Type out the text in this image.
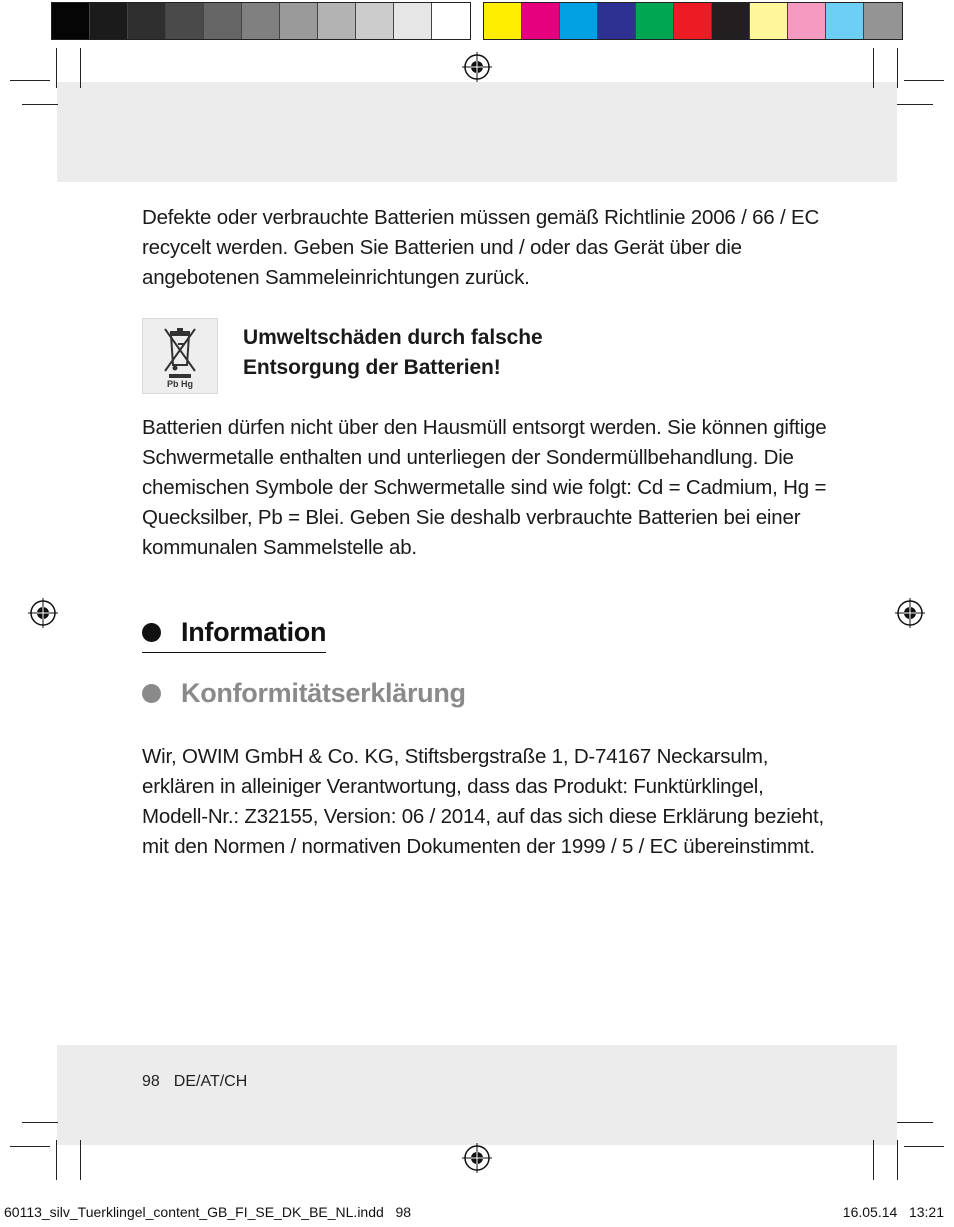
Defekte oder verbrauchte Batterien müssen gemäß Richtlinie 2006 / 66 / EC recycelt werden. Geben Sie Batterien und / oder das Gerät über die angebotenen Sammeleinrichtungen zurück.

Pb Hg
Umweltschäden durch falsche
Entsorgung der Batterien!

Batterien dürfen nicht über den Hausmüll entsorgt werden. Sie können giftige Schwermetalle enthalten und unterliegen der Sondermüllbehandlung. Die chemischen Symbole der Schwermetalle sind wie folgt: Cd = Cadmium, Hg = Quecksilber, Pb = Blei. Geben Sie deshalb verbrauchte Batterien bei einer kommunalen Sammelstelle ab.

Information
Konformitätserklärung

Wir, OWIM GmbH & Co. KG, Stiftsbergstraße 1, D-74167 Neckarsulm, erklären in alleiniger Verantwortung, dass das Produkt: Funktürklingel, Modell-Nr.: Z32155, Version: 06 / 2014, auf das sich diese Erklärung bezieht, mit den Normen / normativen Dokumenten der 1999 / 5 / EC übereinstimmt.

98 DE/AT/CH
60113_silv_Tuerklingel_content_GB_FI_SE_DK_BE_NL.indd   98	16.05.14   13:21
